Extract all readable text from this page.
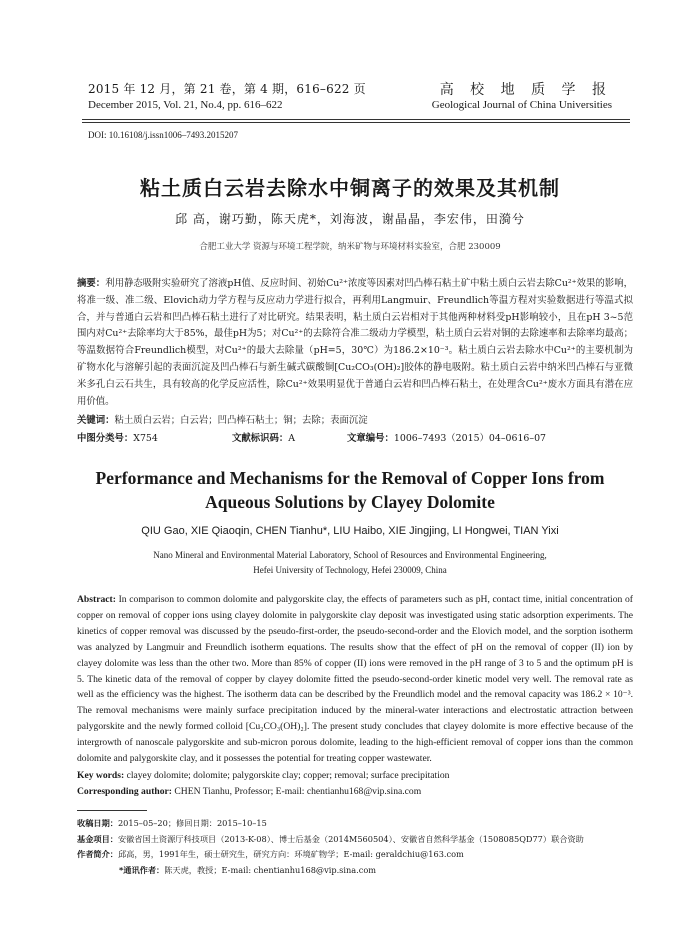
2015 年 12 月，第 21 卷，第 4 期，616–622 页
December 2015, Vol. 21, No.4, pp. 616–622
高 校 地 质 学 报
Geological Journal of China Universities
DOI: 10.16108/j.issn1006–7493.2015207
粘土质白云岩去除水中铜离子的效果及其机制
邱 高，谢巧勤，陈天虎*，刘海波，谢晶晶，李宏伟，田漪兮
合肥工业大学 资源与环境工程学院，纳米矿物与环境材料实验室，合肥 230009
摘要：利用静态吸附实验研究了溶液pH值、反应时间、初始Cu²⁺浓度等因素对凹凸棒石粘土矿中粘土质白云岩去除Cu²⁺效果的影响，将准一级、准二级、Elovich动力学方程与反应动力学进行拟合，再利用Langmuir、Freundlich等温方程对实验数据进行等温式拟合，并与普通白云岩和凹凸棒石粘土进行了对比研究。结果表明，粘土质白云岩相对于其他两种材料受pH影响较小，且在pH 3~5范围内对Cu²⁺去除率均大于85%，最佳pH为5；对Cu²⁺的去除符合准二级动力学模型，粘土质白云岩对铜的去除速率和去除率均最高；等温数据符合Freundlich模型，对Cu²⁺的最大去除量（pH=5，30℃）为186.2×10⁻³。粘土质白云岩去除水中Cu²⁺的主要机制为矿物水化与溶解引起的表面沉淀及凹凸棒石与新生碱式碳酸铜[Cu₂CO₃(OH)₂]胶体的静电吸附。粘土质白云岩中纳米凹凸棒石与亚微米多孔白云石共生，具有较高的化学反应活性，除Cu²⁺效果明显优于普通白云岩和凹凸棒石粘土，在处理含Cu²⁺废水方面具有潜在应用价值。
关键词：粘土质白云岩；白云岩；凹凸棒石粘土；铜；去除；表面沉淀
中图分类号：X754	文献标识码：A	文章编号：1006–7493（2015）04–0616–07
Performance and Mechanisms for the Removal of Copper Ions from
Aqueous Solutions by Clayey Dolomite
QIU Gao, XIE Qiaoqin, CHEN Tianhu*, LIU Haibo, XIE Jingjing, LI Hongwei, TIAN Yixi
Nano Mineral and Environmental Material Laboratory, School of Resources and Environmental Engineering,
Hefei University of Technology, Hefei 230009, China
Abstract: In comparison to common dolomite and palygorskite clay, the effects of parameters such as pH, contact time, initial concentration of copper on removal of copper ions using clayey dolomite in palygorskite clay deposit was investigated using static adsorption experiments. The kinetics of copper removal was discussed by the pseudo-first-order, the pseudo-second-order and the Elovich model, and the sorption isotherm was analyzed by Langmuir and Freundlich isotherm equations. The results show that the effect of pH on the removal of copper (II) ion by clayey dolomite was less than the other two. More than 85% of copper (II) ions were removed in the pH range of 3 to 5 and the optimum pH is 5. The kinetic data of the removal of copper by clayey dolomite fitted the pseudo-second-order kinetic model very well. The removal rate as well as the efficiency was the highest. The isotherm data can be described by the Freundlich model and the removal capacity was 186.2 × 10⁻³. The removal mechanisms were mainly surface precipitation induced by the mineral-water interactions and electrostatic attraction between palygorskite and the newly formed colloid [Cu₂CO₃(OH)₂]. The present study concludes that clayey dolomite is more effective because of the intergrowth of nanoscale palygorskite and sub-micron porous dolomite, leading to the high-efficient removal of copper ions than the common dolomite and palygorskite clay, and it possesses the potential for treating copper wastewater.
Key words: clayey dolomite; dolomite; palygorskite clay; copper; removal; surface precipitation
Corresponding author: CHEN Tianhu, Professor; E-mail: chentianhu168@vip.sina.com
收稿日期：2015–05–20；修回日期：2015–10–15
基金项目：安徽省国土资源厅科技项目（2013-K-08）、博士后基金（2014M560504）、安徽省自然科学基金（1508085QD77）联合资助
作者简介：邱高，男，1991年生，硕士研究生，研究方向：环境矿物学；E-mail: geraldchiu@163.com
*通讯作者：陈天虎，教授；E-mail: chentianhu168@vip.sina.com
